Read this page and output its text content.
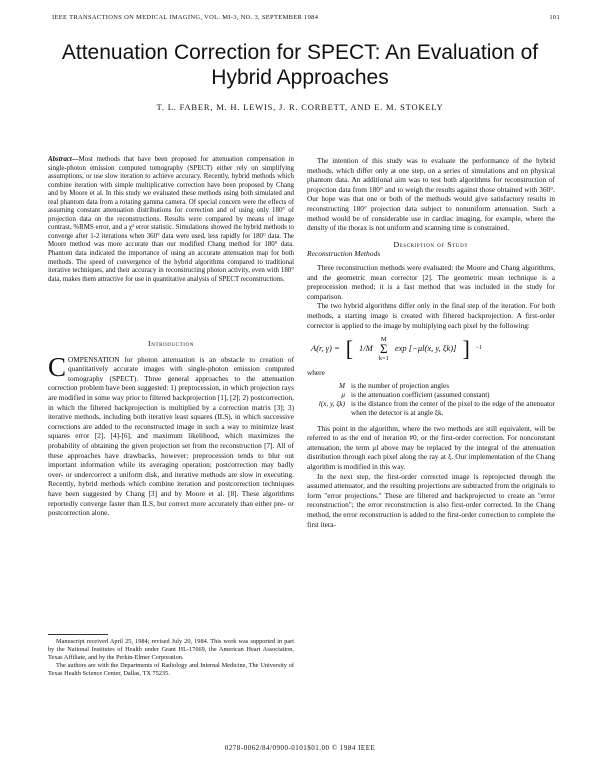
IEEE TRANSACTIONS ON MEDICAL IMAGING, VOL. MI-3, NO. 3, SEPTEMBER 1984	101
Attenuation Correction for SPECT: An Evaluation of Hybrid Approaches
T. L. FABER, M. H. LEWIS, J. R. CORBETT, AND E. M. STOKELY

Abstract—Most methods that have been proposed for attenuation compensation in single-photon emission computed tomography (SPECT) either rely on simplifying assumptions, or use slow iteration to achieve accuracy. Recently, hybrid methods which combine iteration with simple multiplicative correction have been proposed by Chang and by Moore et al. In this study we evaluated these methods using both simulated and real phantom data from a rotating gamma camera. Of special concern were the effects of assuming constant attenuation distributions for correction and of using only 180° of projection data on the reconstructions. Results were compared by means of image contrast, %RMS error, and a χ² error statistic. Simulations showed the hybrid methods to converge after 1-2 iterations when 360° data were used, less rapidly for 180° data. The Moore method was more accurate than our modified Chang method for 180° data. Phantom data indicated the importance of using an accurate attenuation map for both methods. The speed of convergence of the hybrid algorithms compared to traditional iterative techniques, and their accuracy in reconstructing photon activity, even with 180° data, makes them attractive for use in quantitative analysis of SPECT reconstructions.

Introduction

COMPENSATION for photon attenuation is an obstacle to creation of quantitatively accurate images with single-photon emission computed tomography (SPECT). Three general approaches to the attenuation correction problem have been suggested: 1) preprocession, in which projection rays are modified in some way prior to filtered backprojection [1], [2]; 2) postcorrection, in which the filtered backprojection is multiplied by a correction matrix [3]; 3) iterative methods, including both iterative least squares (ILS), in which successive corrections are added to the reconstructed image in such a way to minimize least squares error [2], [4]-[6], and maximum likelihood, which maximizes the probability of obtaining the given projection set from the reconstruction [7]. All of these approaches have drawbacks, however; preprocession tends to blur out important information while its averaging operation; postcorrection may badly over- or undercorrect a uniform disk, and iterative methods are slow in executing. Recently, hybrid methods which combine iteration and postcorrection techniques have been suggested by Chang [3] and by Moore et al. [8]. These algorithms reportedly converge faster than ILS, but correct more accurately than either pre- or postcorrection alone.

Manuscript received April 25, 1984; revised July 20, 1984. This work was supported in part by the National Institutes of Health under Grant HL-17669, the American Heart Association, Texas Affiliate, and by the Perkin-Elmer Corporation.

The authors are with the Departments of Radiology and Internal Medicine, The University of Texas Health Science Center, Dallas, TX 75235.

The intention of this study was to evaluate the performance of the hybrid methods, which differ only at one step, on a series of simulations and on physical phantom data. An additional aim was to test both algorithms for reconstruction of projection data from 180° and to weigh the results against those obtained with 360°. Our hope was that one or both of the methods would give satisfactory results in reconstructing 180° projection data subject to nonuniform attenuation. Such a method would be of considerable use in cardiac imaging, for example, where the density of the thorax is not uniform and scanning time is constrained.

Description of Study
Reconstruction Methods

Three reconstruction methods were evaluated: the Moore and Chang algorithms, and the geometric mean corrector [2]. The geometric mean technique is a preprocession method; it is a fast method that was included in the study for comparison.

The two hybrid algorithms differ only in the final step of the iteration. For both methods, a starting image is created with filtered backprojection. A first-order corrector is applied to the image by multiplying each pixel by the following:

A(r, γ) = [ 1/M
M
Σ
k=1
exp [−μl(x, y, ξk)] ] −1

where

M is the number of projection angles
μ is the attenuation coefficient (assumed constant)
l(x, y, ξk) is the distance from the center of the pixel to the edge of the attenuator when the detector is at angle ξk.

This point in the algorithm, where the two methods are still equivalent, will be referred to as the end of iteration #0, or the first-order correction. For nonconstant attenuation, the term μl above may be replaced by the integral of the attenuation distribution through each pixel along the ray at ξ. Our implementation of the Chang algorithm is modified in this way.

In the next step, the first-order corrected image is reprojected through the assumed attenuator, and the resulting projections are subtracted from the originals to form "error projections." These are filtered and backprojected to create an "error reconstruction"; the error reconstruction is also first-order corrected. In the Chang method, the error reconstruction is added to the first-order correction to complete the first itera-

0278-0062/84/0900-0101$01.00 © 1984 IEEE
